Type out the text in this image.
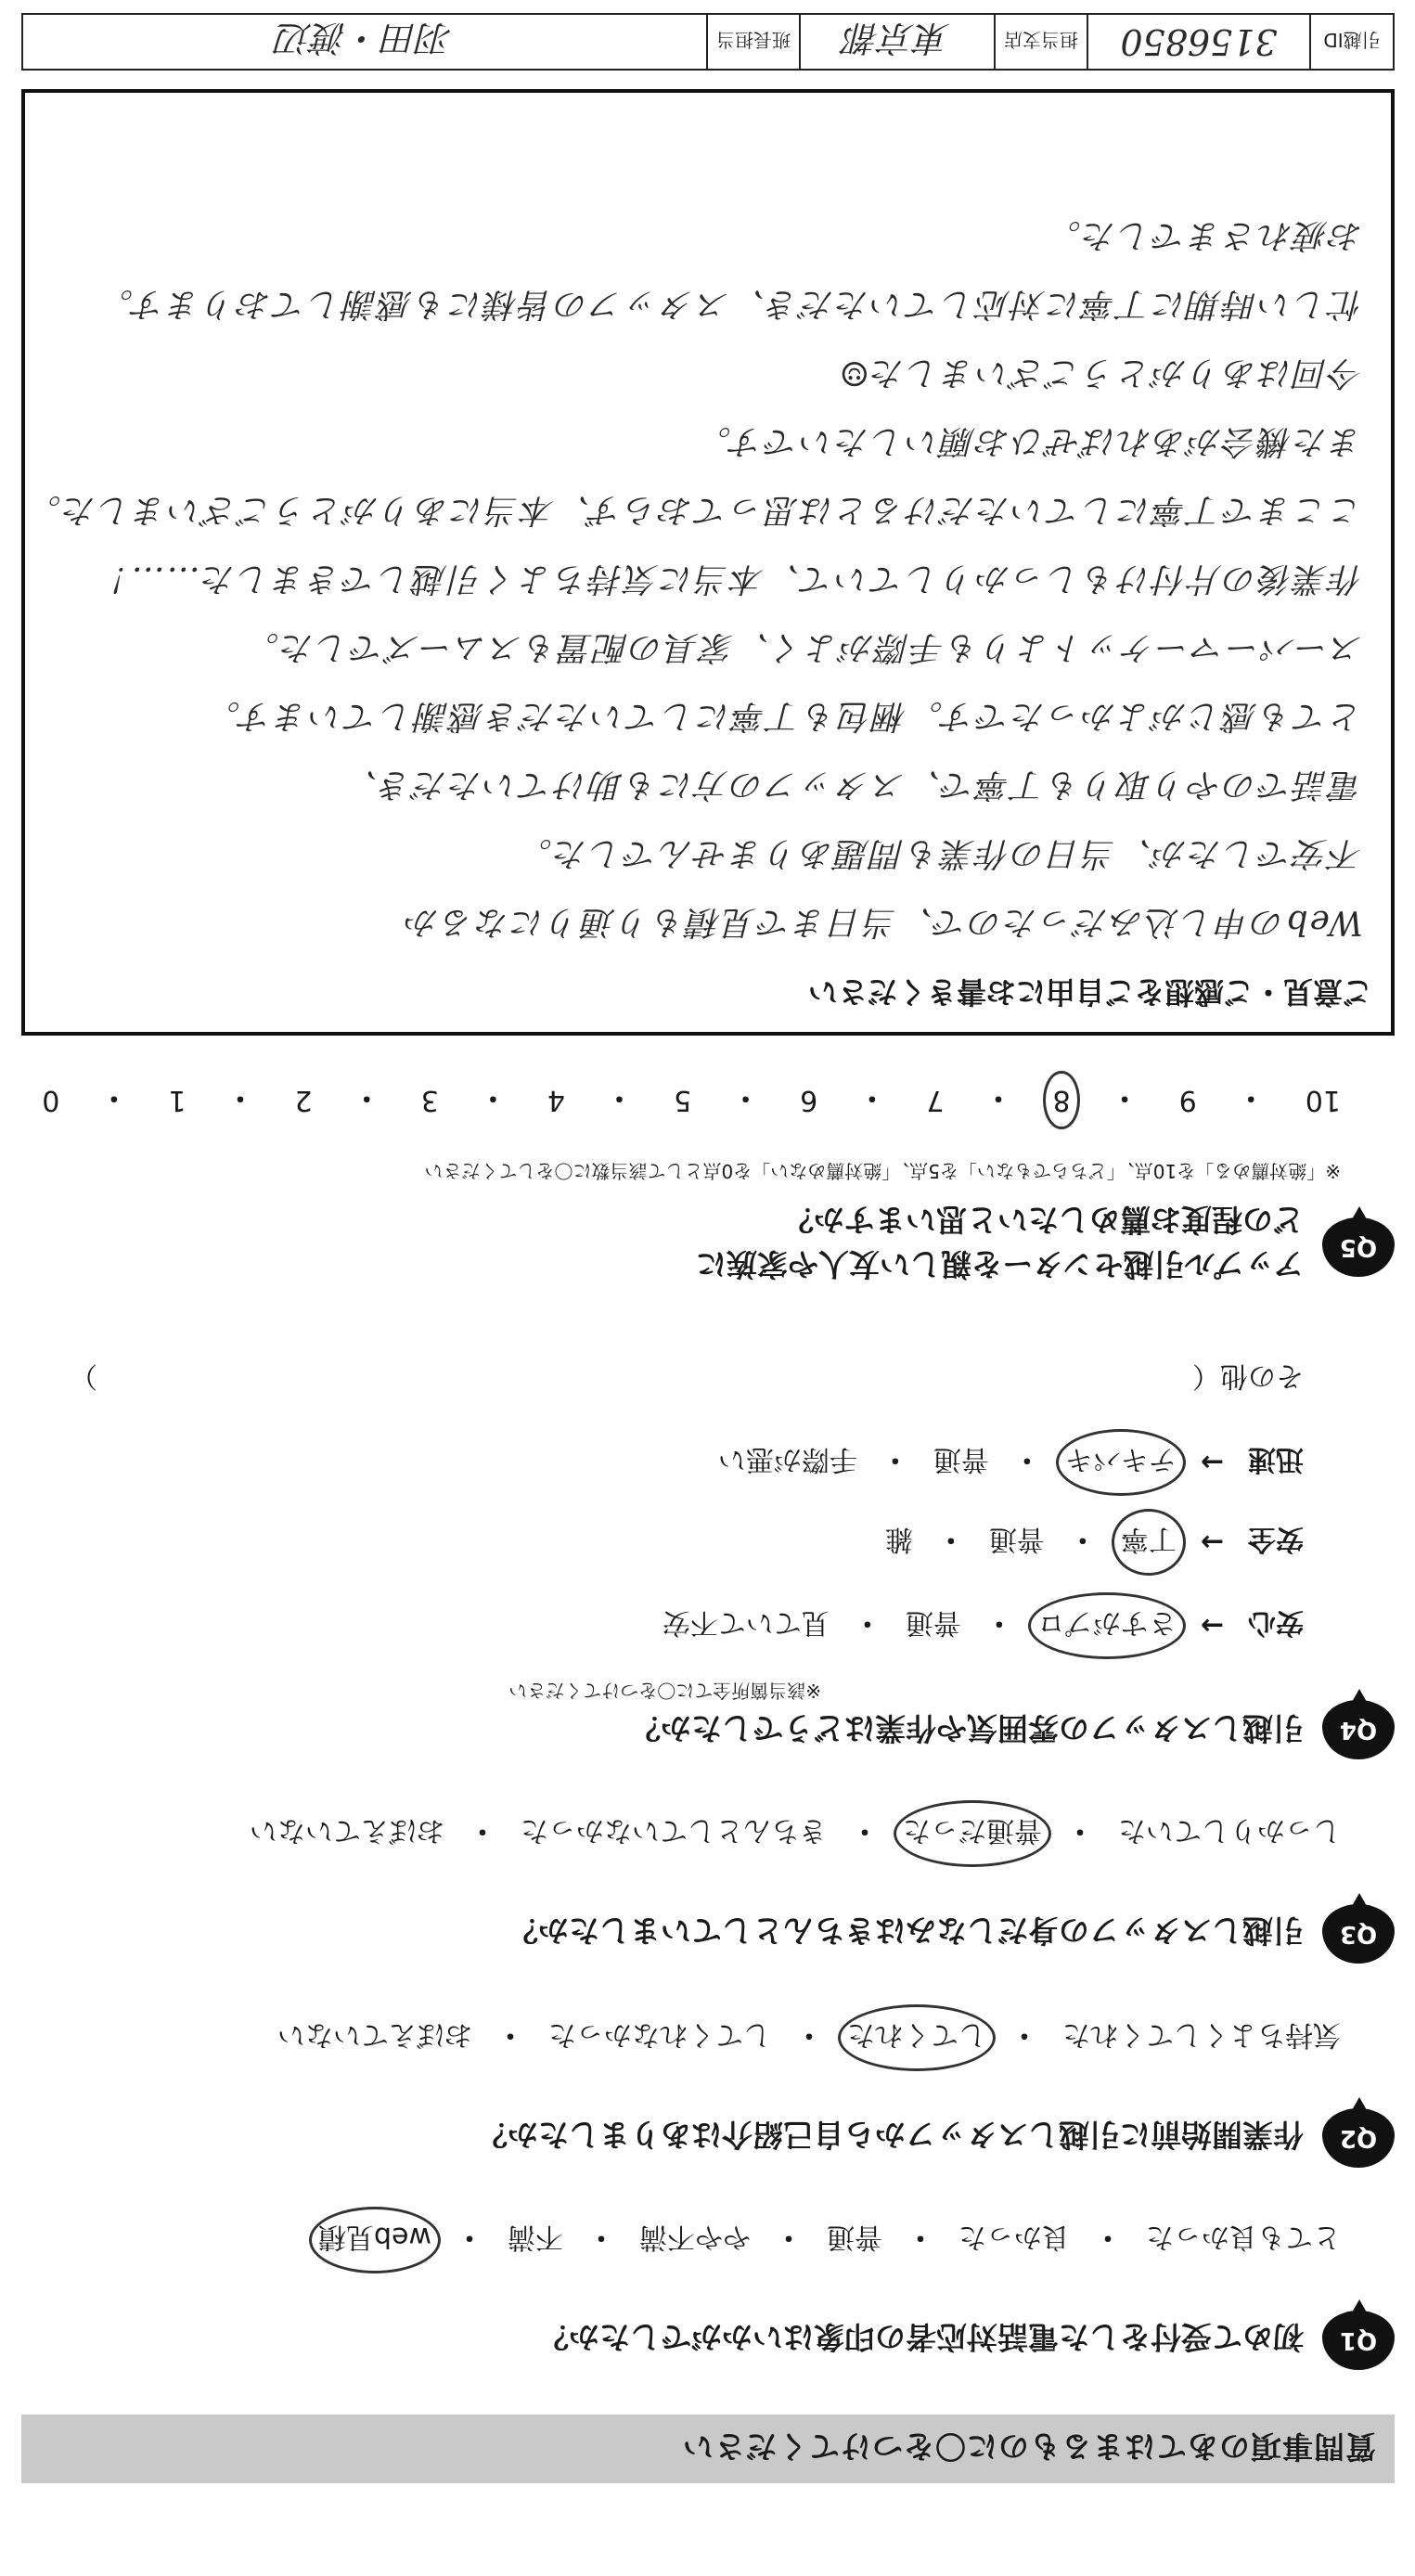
質問事項のあてはまるものに〇をつけてください
Q1
初めて受付をした電話対応者の印象はいかがでしたか？
とても良かった
・
良かった
・
普通
・
やや不満
・
不満
・
web見積
Q2
作業開始前に引越しスタッフから自己紹介はありましたか？
気持ちよくしてくれた
・
してくれた
・
してくれなかった
・
おぼえていない
Q3
引越しスタッフの身だしなみはきちんとしていましたか？
しっかりしていた
・
普通だった
・
きちんとしていなかった
・
おぼえていない
Q4
引越しスタッフの雰囲気や作業はどうでしたか？
※該当箇所全てに〇をつけてください
安心
→
さすがプロ
・
普通
・
見ていて不安
安全
→
丁寧
・
普通
・
雑
迅速
→
テキパキ
・
普通
・
手際が悪い
その他（
）
Q5
アップル引越センターを親しい友人や家族に
どの程度お薦めしたいと思いますか？
※「絶対薦める」を10点、「どちらでもない」を5点、「絶対薦めない」を0点として該当数に〇をしてください
10
・
9
・
8
・
7
・
6
・
5
・
4
・
3
・
2
・
1
・
0
ご意見・ご感想をご自由にお書きください
Webの申し込みだったので、当日まで見積もり通りになるか
不安でしたが、当日の作業も問題ありませんでした。
電話でのやり取りも丁寧で、スタッフの方にも助けていただき、
とても感じがよかったです。梱包も丁寧にしていただき感謝しています。
スーパーマーケットよりも手際がよく、家具の配置もスムーズでした。
作業後の片付けもしっかりしていて、本当に気持ちよく引越しできました……！
ここまで丁寧にしていただけるとは思っておらず、本当にありがとうございました。
また機会があればぜひお願いしたいです。
今回はありがとうございました☺
忙しい時期に丁寧に対応していただき、スタッフの皆様にも感謝しております。
お疲れさまでした。
引越ID
3156850
担当支店
東京都
班長担当
羽田・渡辺
